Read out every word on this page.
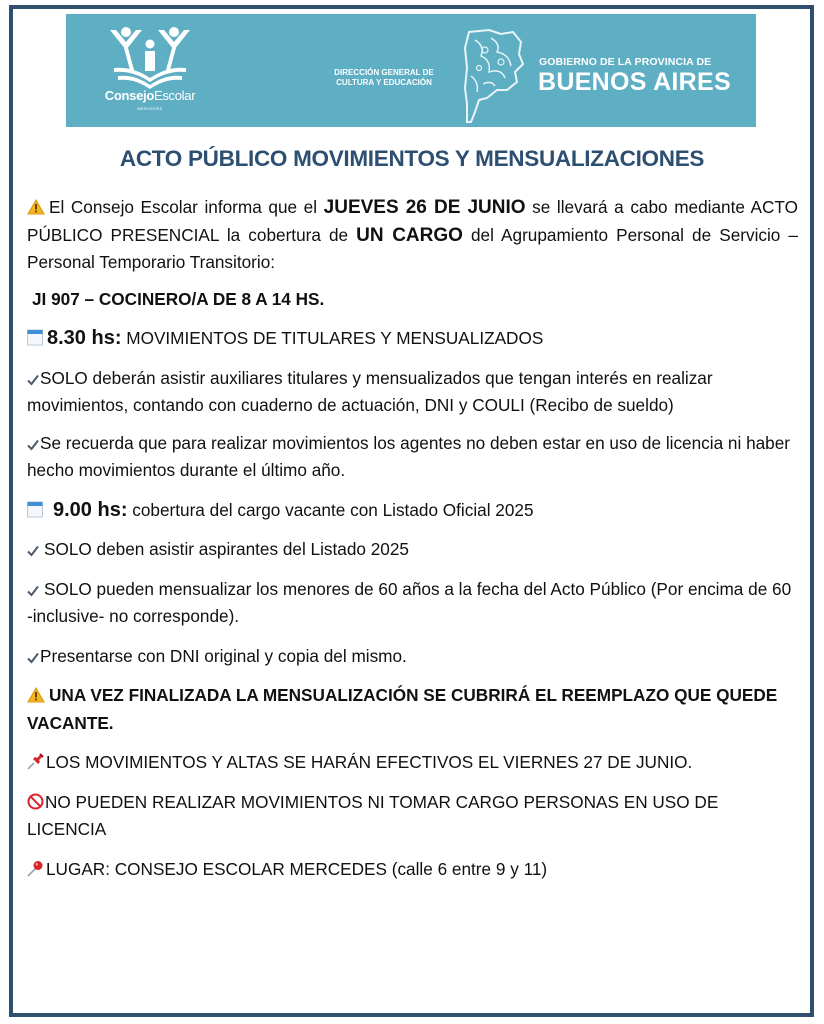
ConsejoEscolar
MERCEDES
DIRECCIÓN GENERAL DE
CULTURA Y EDUCACIÓN
GOBIERNO DE LA PROVINCIA DE
BUENOS AIRES
ACTO PÚBLICO MOVIMIENTOS Y MENSUALIZACIONES

El Consejo Escolar informa que el JUEVES 26 DE JUNIO se llevará a cabo mediante ACTO PÚBLICO PRESENCIAL la cobertura de UN CARGO del Agrupamiento Personal de Servicio – Personal Temporario Transitorio:

JI 907 – COCINERO/A DE 8 A 14 HS.

8.30 hs: MOVIMIENTOS DE TITULARES Y MENSUALIZADOS

SOLO deberán asistir auxiliares titulares y mensualizados que tengan interés en realizar movimientos, contando con cuaderno de actuación, DNI y COULI (Recibo de sueldo)

Se recuerda que para realizar movimientos los agentes no deben estar en uso de licencia ni haber hecho movimientos durante el último año.

9.00 hs: cobertura del cargo vacante con Listado Oficial 2025

SOLO deben asistir aspirantes del Listado 2025

SOLO pueden mensualizar los menores de 60 años a la fecha del Acto Público (Por encima de 60 -inclusive- no corresponde).

Presentarse con DNI original y copia del mismo.

UNA VEZ FINALIZADA LA MENSUALIZACIÓN SE CUBRIRÁ EL REEMPLAZO QUE QUEDE VACANTE.

LOS MOVIMIENTOS Y ALTAS SE HARÁN EFECTIVOS EL VIERNES 27 DE JUNIO.

NO PUEDEN REALIZAR MOVIMIENTOS NI TOMAR CARGO PERSONAS EN USO DE LICENCIA

LUGAR: CONSEJO ESCOLAR MERCEDES (calle 6 entre 9 y 11)
